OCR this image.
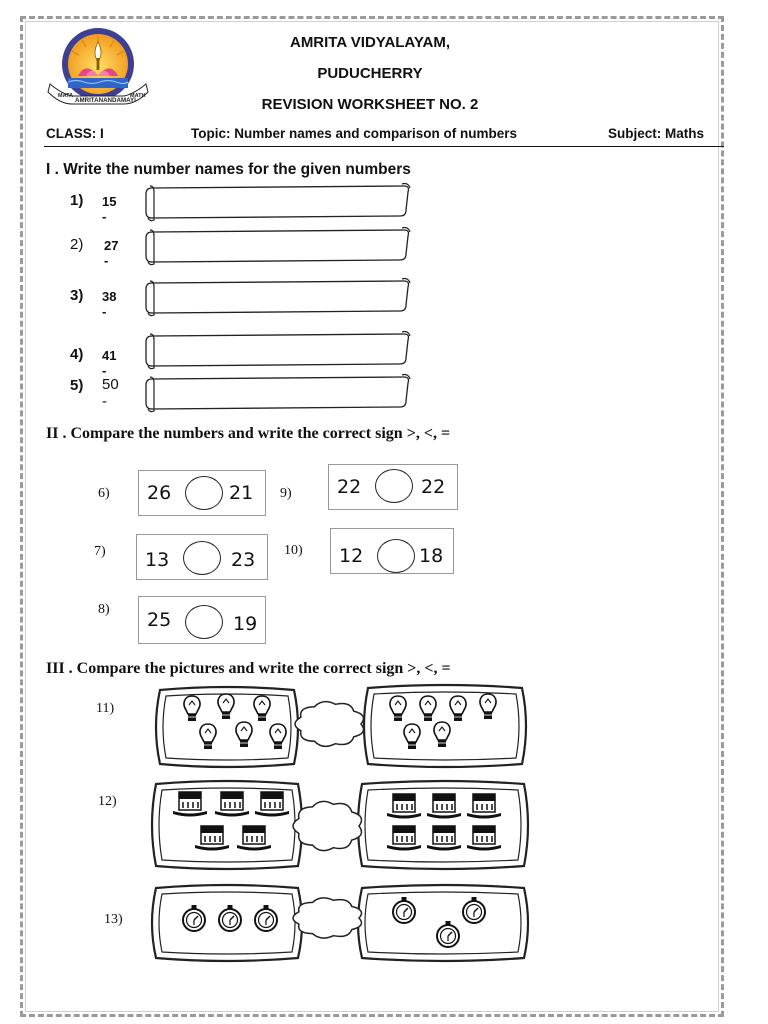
MATA
AMRITANANDAMAYI
MATH
AMRITA VIDYALAYAM,
PUDUCHERRY
REVISION WORKSHEET NO. 2
CLASS: I	Topic: Number names and comparison of numbers	Subject: Maths
I . Write the number names for the given numbers
1) 15 -
2) 27 -
3) 38 -
4) 41 -
5) 50 -
II . Compare the numbers and write the correct sign >, <, =
6) 26	21 9) 22	22
7) 13	23 10) 12	18
8) 25	19
III . Compare the pictures and write the correct sign >, <, =
11)
12)
13)
